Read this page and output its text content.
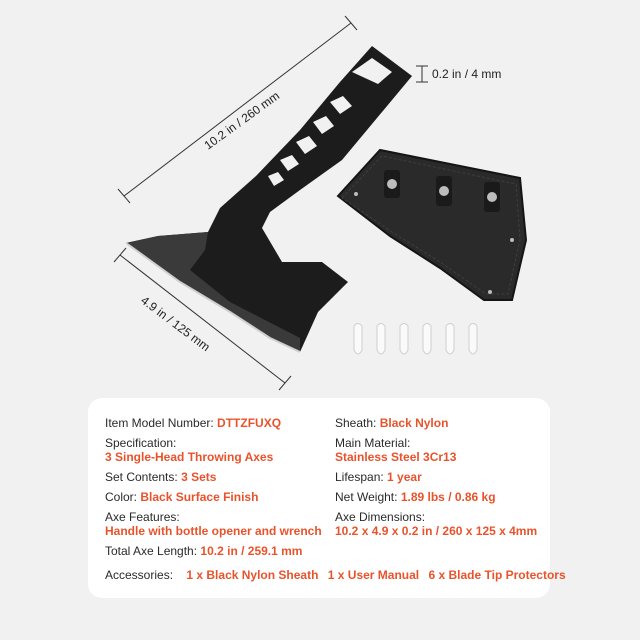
10.2 in / 260 mm
0.2 in / 4 mm
4.9 in / 125 mm
Item Model Number: DTTZFUXQ
Specification:
3 Single-Head Throwing Axes
Set Contents: 3 Sets
Color: Black Surface Finish
Axe Features:
Handle with bottle opener and wrench
Total Axe Length: 10.2 in / 259.1 mm
Sheath: Black Nylon
Main Material:
Stainless Steel 3Cr13
Lifespan: 1 year
Net Weight: 1.89 lbs / 0.86 kg
Axe Dimensions:
10.2 x 4.9 x 0.2 in / 260 x 125 x 4mm
Accessories: 1 x Black Nylon Sheath 1 x User Manual 6 x Blade Tip Protectors
